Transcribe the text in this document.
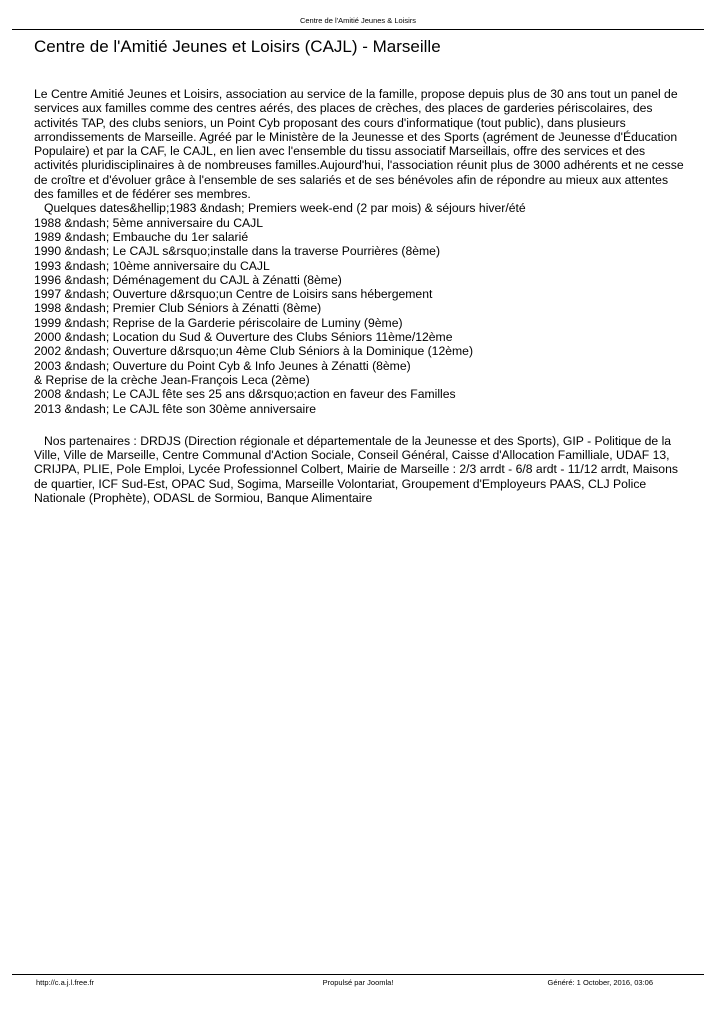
Centre de l'Amitié Jeunes & Loisirs
Centre de l'Amitié Jeunes et Loisirs (CAJL) - Marseille

Le Centre Amitié Jeunes et Loisirs, association au service de la famille, propose depuis plus de 30 ans tout un panel de services aux familles comme des centres aérés, des places de crèches, des places de garderies périscolaires, des activités TAP, des clubs seniors, un Point Cyb proposant des cours d'informatique (tout public), dans plusieurs arrondissements de Marseille. Agréé par le Ministère de la Jeunesse et des Sports (agrément de Jeunesse d'Éducation Populaire) et par la CAF, le CAJL, en lien avec l'ensemble du tissu associatif Marseillais, offre des services et des activités pluridisciplinaires à de nombreuses familles.Aujourd'hui, l'association réunit plus de 3000 adhérents et ne cesse de croître et d'évoluer grâce à l'ensemble de ses salariés et de ses bénévoles afin de répondre au mieux aux attentes des familles et de fédérer ses membres.

Quelques dates&hellip;1983 &ndash; Premiers week-end (2 par mois) & séjours hiver/été

1988 &ndash; 5ème anniversaire du CAJL
1989 &ndash; Embauche du 1er salarié
1990 &ndash; Le CAJL s&rsquo;installe dans la traverse Pourrières (8ème)
1993 &ndash; 10ème anniversaire du CAJL
1996 &ndash; Déménagement du CAJL à Zénatti (8ème)
1997 &ndash; Ouverture d&rsquo;un Centre de Loisirs sans hébergement
1998 &ndash; Premier Club Séniors à Zénatti (8ème)
1999 &ndash; Reprise de la Garderie périscolaire de Luminy (9ème)
2000 &ndash; Location du Sud & Ouverture des Clubs Séniors 11ème/12ème
2002 &ndash; Ouverture d&rsquo;un 4ème Club Séniors à la Dominique (12ème)
2003 &ndash; Ouverture du Point Cyb & Info Jeunes à Zénatti (8ème)
& Reprise de la crèche Jean-François Leca (2ème)
2008 &ndash; Le CAJL fête ses 25 ans d&rsquo;action en faveur des Familles
2013 &ndash; Le CAJL fête son 30ème anniversaire

Nos partenaires : DRDJS (Direction régionale et départementale de la Jeunesse et des Sports), GIP - Politique de la Ville, Ville de Marseille, Centre Communal d'Action Sociale, Conseil Général, Caisse d'Allocation Familliale, UDAF 13, CRIJPA, PLIE, Pole Emploi, Lycée Professionnel Colbert, Mairie de Marseille : 2/3 arrdt - 6/8 ardt - 11/12 arrdt, Maisons de quartier, ICF Sud-Est, OPAC Sud, Sogima, Marseille Volontariat, Groupement d'Employeurs PAAS, CLJ Police Nationale (Prophète), ODASL de Sormiou, Banque Alimentaire

http://c.a.j.l.free.fr	Propulsé par Joomla!	Généré: 1 October, 2016, 03:06
